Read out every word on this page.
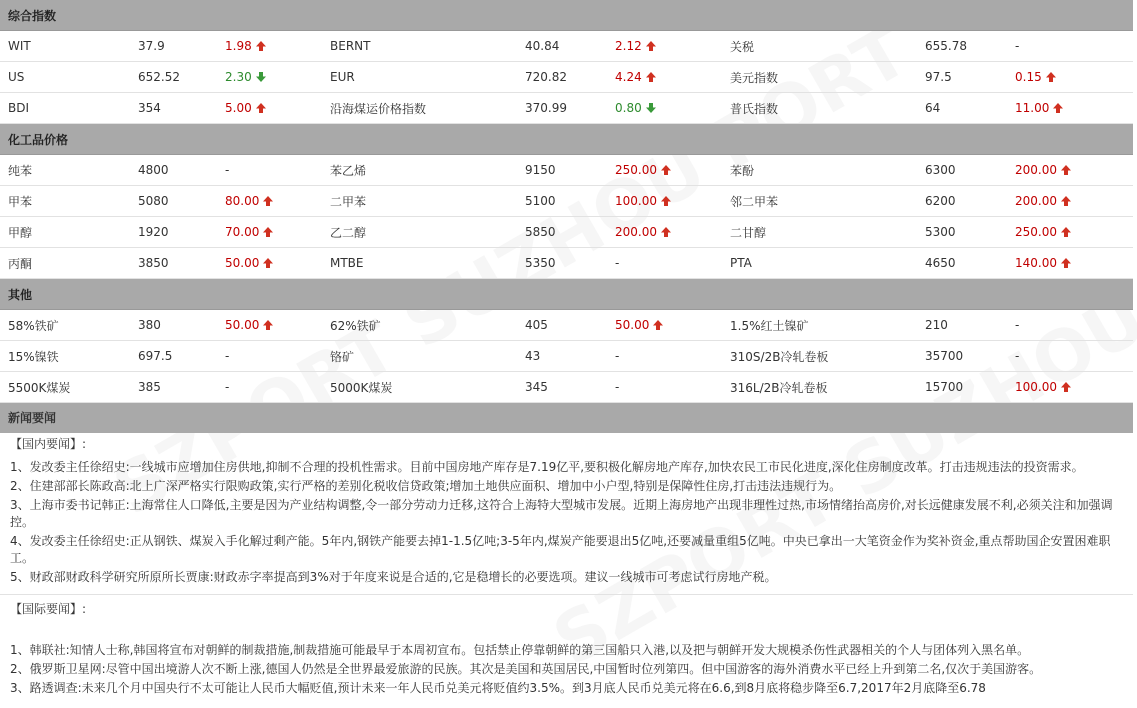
综合指数								
WIT	37.9	1.98	BERNT	40.84	2.12	关税	655.78	-
US	652.52	2.30	EUR	720.82	4.24	美元指数	97.5	0.15
BDI	354	5.00	沿海煤运价格指数	370.99	0.80	普氏指数	64	11.00
化工品价格								
纯苯	4800	-	苯乙烯	9150	250.00	苯酚	6300	200.00
甲苯	5080	80.00	二甲苯	5100	100.00	邻二甲苯	6200	200.00
甲醇	1920	70.00	乙二醇	5850	200.00	二甘醇	5300	250.00
丙酮	3850	50.00	MTBE	5350	-	PTA	4650	140.00
其他								
58%铁矿	380	50.00	62%铁矿	405	50.00	1.5%红土镍矿	210	-
15%镍铁	697.5	-	铬矿	43	-	310S/2B冷轧卷板	35700	-
5500K煤炭	385	-	5000K煤炭	345	-	316L/2B冷轧卷板	15700	100.00
新闻要闻

【国内要闻】:

1、发改委主任徐绍史:一线城市应增加住房供地,抑制不合理的投机性需求。目前中国房地产库存是7.19亿平,要积极化解房地产库存,加快农民工市民化进度,深化住房制度改革。打击违规违法的投资需求。

2、住建部部长陈政高:北上广深严格实行限购政策,实行严格的差别化税收信贷政策;增加土地供应面积、增加中小户型,特别是保障性住房,打击违法违规行为。

3、上海市委书记韩正:上海常住人口降低,主要是因为产业结构调整,令一部分劳动力迁移,这符合上海特大型城市发展。近期上海房地产出现非理性过热,市场情绪抬高房价,对长远健康发展不利,必须关注和加强调控。

4、发改委主任徐绍史:正从钢铁、煤炭入手化解过剩产能。5年内,钢铁产能要去掉1-1.5亿吨;3-5年内,煤炭产能要退出5亿吨,还要减量重组5亿吨。中央已拿出一大笔资金作为奖补资金,重点帮助国企安置困难职工。

5、财政部财政科学研究所原所长贾康:财政赤字率提高到3%对于年度来说是合适的,它是稳增长的必要选项。建议一线城市可考虑试行房地产税。

【国际要闻】:

1、韩联社:知情人士称,韩国将宣布对朝鲜的制裁措施,制裁措施可能最早于本周初宣布。包括禁止停靠朝鲜的第三国船只入港,以及把与朝鲜开发大规模杀伤性武器相关的个人与团体列入黑名单。

2、俄罗斯卫星网:尽管中国出境游人次不断上涨,德国人仍然是全世界最爱旅游的民族。其次是美国和英国居民,中国暂时位列第四。但中国游客的海外消费水平已经上升到第二名,仅次于美国游客。

3、路透调查:未来几个月中国央行不太可能让人民币大幅贬值,预计未来一年人民币兑美元将贬值约3.5%。到3月底人民币兑美元将在6.6,到8月底将稳步降至6.7,2017年2月底降至6.78
